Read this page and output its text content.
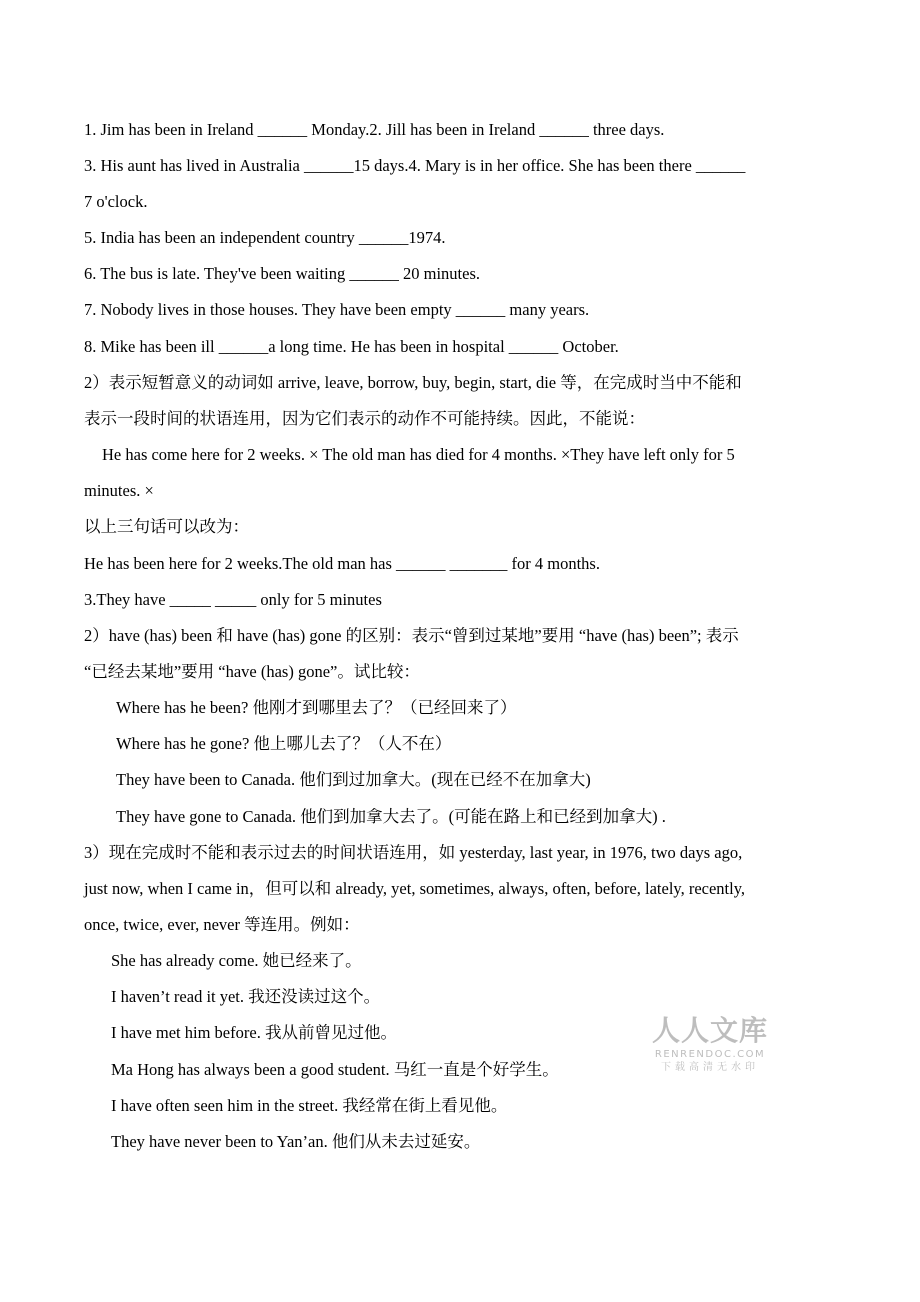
1. Jim has been in Ireland ______ Monday.2. Jill has been in Ireland ______ three days.
3. His aunt has lived in Australia ______15 days.4. Mary is in her office. She has been there ______
7 o'clock.
5. India has been an independent country ______1974.
6. The bus is late. They've been waiting ______ 20 minutes.
7. Nobody lives in those houses. They have been empty ______ many years.
8. Mike has been ill ______a long time. He has been in hospital ______ October.
2）表示短暂意义的动词如 arrive, leave, borrow, buy, begin, start, die 等，在完成时当中不能和
表示一段时间的状语连用，因为它们表示的动作不可能持续。因此，不能说：
He has come here for 2 weeks. × The old man has died for 4 months. ×They have left only for 5
minutes. ×
以上三句话可以改为：
He has been here for 2 weeks.The old man has ______ _______ for 4 months.
3.They have _____ _____ only for 5 minutes
2）have (has) been 和 have (has) gone 的区别：表示“曾到过某地”要用 “have (has) been”; 表示
“已经去某地”要用 “have (has) gone”。试比较：
Where has he been? 他刚才到哪里去了？（已经回来了）
Where has he gone? 他上哪儿去了？（人不在）
They have been to Canada. 他们到过加拿大。(现在已经不在加拿大)
They have gone to Canada. 他们到加拿大去了。(可能在路上和已经到加拿大) .
3）现在完成时不能和表示过去的时间状语连用，如 yesterday, last year, in 1976, two days ago,
just now, when I came in，但可以和 already, yet, sometimes, always, often, before, lately, recently,
once, twice, ever, never 等连用。例如：
She has already come. 她已经来了。
I haven’t read it yet. 我还没读过这个。
I have met him before. 我从前曾见过他。
Ma Hong has always been a good student. 马红一直是个好学生。
I have often seen him in the street. 我经常在街上看见他。
They have never been to Yan’an. 他们从未去过延安。
人人文库
RENRENDOC.COM
下载高清无水印
